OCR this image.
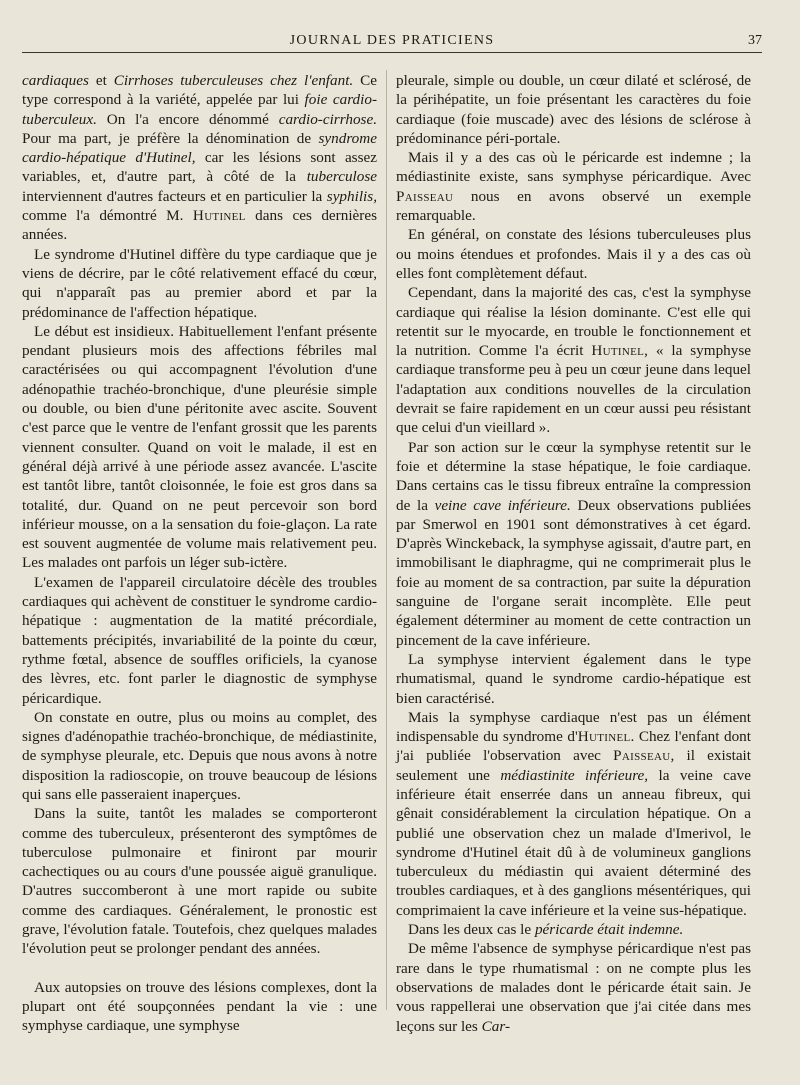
JOURNAL DES PRATICIENS	37

cardiaques et Cirrhoses tuberculeuses chez l'enfant. Ce type correspond à la variété, appelée par lui foie cardio-tuberculeux. On l'a encore dénommé cardio-cirrhose. Pour ma part, je préfère la dénomination de syndrome cardio-hépatique d'Hutinel, car les lésions sont assez variables, et, d'autre part, à côté de la tuberculose interviennent d'autres facteurs et en particulier la syphilis, comme l'a démontré M. Hutinel dans ces dernières années.

Le syndrome d'Hutinel diffère du type cardiaque que je viens de décrire, par le côté relativement effacé du cœur, qui n'apparaît pas au premier abord et par la prédominance de l'affection hépatique.

Le début est insidieux. Habituellement l'enfant présente pendant plusieurs mois des affections fébriles mal caractérisées ou qui accompagnent l'évolution d'une adénopathie trachéo-bronchique, d'une pleurésie simple ou double, ou bien d'une péritonite avec ascite. Souvent c'est parce que le ventre de l'enfant grossit que les parents viennent consulter. Quand on voit le malade, il est en général déjà arrivé à une période assez avancée. L'ascite est tantôt libre, tantôt cloisonnée, le foie est gros dans sa totalité, dur. Quand on ne peut percevoir son bord inférieur mousse, on a la sensation du foie-glaçon. La rate est souvent augmentée de volume mais relativement peu. Les malades ont parfois un léger sub-ictère.

L'examen de l'appareil circulatoire décèle des troubles cardiaques qui achèvent de constituer le syndrome cardio-hépatique : augmentation de la matité précordiale, battements précipités, invariabilité de la pointe du cœur, rythme fœtal, absence de souffles orificiels, la cyanose des lèvres, etc. font parler le diagnostic de symphyse péricardique.

On constate en outre, plus ou moins au complet, des signes d'adénopathie trachéo-bronchique, de médiastinite, de symphyse pleurale, etc. Depuis que nous avons à notre disposition la radioscopie, on trouve beaucoup de lésions qui sans elle passeraient inaperçues.

Dans la suite, tantôt les malades se comporteront comme des tuberculeux, présenteront des symptômes de tuberculose pulmonaire et finiront par mourir cachectiques ou au cours d'une poussée aiguë granulique. D'autres succomberont à une mort rapide ou subite comme des cardiaques. Généralement, le pronostic est grave, l'évolution fatale. Toutefois, chez quelques malades l'évolution peut se prolonger pendant des années.

Aux autopsies on trouve des lésions complexes, dont la plupart ont été soupçonnées pendant la vie : une symphyse cardiaque, une symphyse

pleurale, simple ou double, un cœur dilaté et sclérosé, de la périhépatite, un foie présentant les caractères du foie cardiaque (foie muscade) avec des lésions de sclérose à prédominance péri-portale.

Mais il y a des cas où le péricarde est indemne ; la médiastinite existe, sans symphyse péricardique. Avec Paisseau nous en avons observé un exemple remarquable.

En général, on constate des lésions tuberculeuses plus ou moins étendues et profondes. Mais il y a des cas où elles font complètement défaut.

Cependant, dans la majorité des cas, c'est la symphyse cardiaque qui réalise la lésion dominante. C'est elle qui retentit sur le myocarde, en trouble le fonctionnement et la nutrition. Comme l'a écrit Hutinel, « la symphyse cardiaque transforme peu à peu un cœur jeune dans lequel l'adaptation aux conditions nouvelles de la circulation devrait se faire rapidement en un cœur aussi peu résistant que celui d'un vieillard ».

Par son action sur le cœur la symphyse retentit sur le foie et détermine la stase hépatique, le foie cardiaque. Dans certains cas le tissu fibreux entraîne la compression de la veine cave inférieure. Deux observations publiées par Smerwol en 1901 sont démonstratives à cet égard. D'après Winckeback, la symphyse agissait, d'autre part, en immobilisant le diaphragme, qui ne comprimerait plus le foie au moment de sa contraction, par suite la dépuration sanguine de l'organe serait incomplète. Elle peut également déterminer au moment de cette contraction un pincement de la cave inférieure.

La symphyse intervient également dans le type rhumatismal, quand le syndrome cardio-hépatique est bien caractérisé.

Mais la symphyse cardiaque n'est pas un élément indispensable du syndrome d'Hutinel. Chez l'enfant dont j'ai publiée l'observation avec Paisseau, il existait seulement une médiastinite inférieure, la veine cave inférieure était enserrée dans un anneau fibreux, qui gênait considérablement la circulation hépatique. On a publié une observation chez un malade d'Imerivol, le syndrome d'Hutinel était dû à de volumineux ganglions tuberculeux du médiastin qui avaient déterminé des troubles cardiaques, et à des ganglions mésentériques, qui comprimaient la cave inférieure et la veine sus-hépatique.

Dans les deux cas le péricarde était indemne.

De même l'absence de symphyse péricardique n'est pas rare dans le type rhumatismal : on ne compte plus les observations de malades dont le péricarde était sain. Je vous rappellerai une observation que j'ai citée dans mes leçons sur les Car-
